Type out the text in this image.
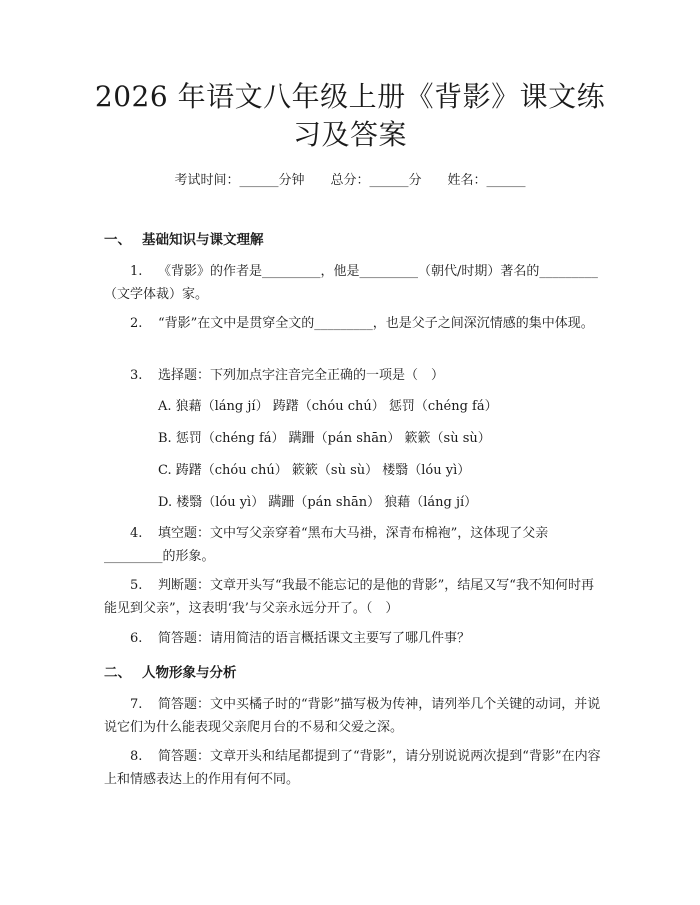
2026 年语文八年级上册《背影》课文练习及答案
考试时间：______分钟 总分：______分 姓名：______
一、 基础知识与课文理解
1. 《背影》的作者是_________，他是_________（朝代/时期）著名的_________（文学体裁）家。
2. “背影”在文中是贯穿全文的_________，也是父子之间深沉情感的集中体现。
3. 选择题：下列加点字注音完全正确的一项是（　）
A. 狼藉（láng jí） 踌躇（chóu chú） 惩罚（chéng fá）
B. 惩罚（chéng fá） 蹒跚（pán shān） 簌簌（sù sù）
C. 踌躇（chóu chú） 簌簌（sù sù） 楼翳（lóu yì）
D. 楼翳（lóu yì） 蹒跚（pán shān） 狼藉（láng jí）
4. 填空题：文中写父亲穿着“黑布大马褂，深青布棉袍”，这体现了父亲_________的形象。
5. 判断题：文章开头写“我最不能忘记的是他的背影”，结尾又写“我不知何时再能见到父亲”，这表明‘我’与父亲永远分开了。（　）
6. 简答题：请用简洁的语言概括课文主要写了哪几件事？
二、 人物形象与分析
7. 简答题：文中买橘子时的“背影”描写极为传神，请列举几个关键的动词，并说说它们为什么能表现父亲爬月台的不易和父爱之深。
8. 简答题：文章开头和结尾都提到了“背影”，请分别说说两次提到“背影”在内容上和情感表达上的作用有何不同。
